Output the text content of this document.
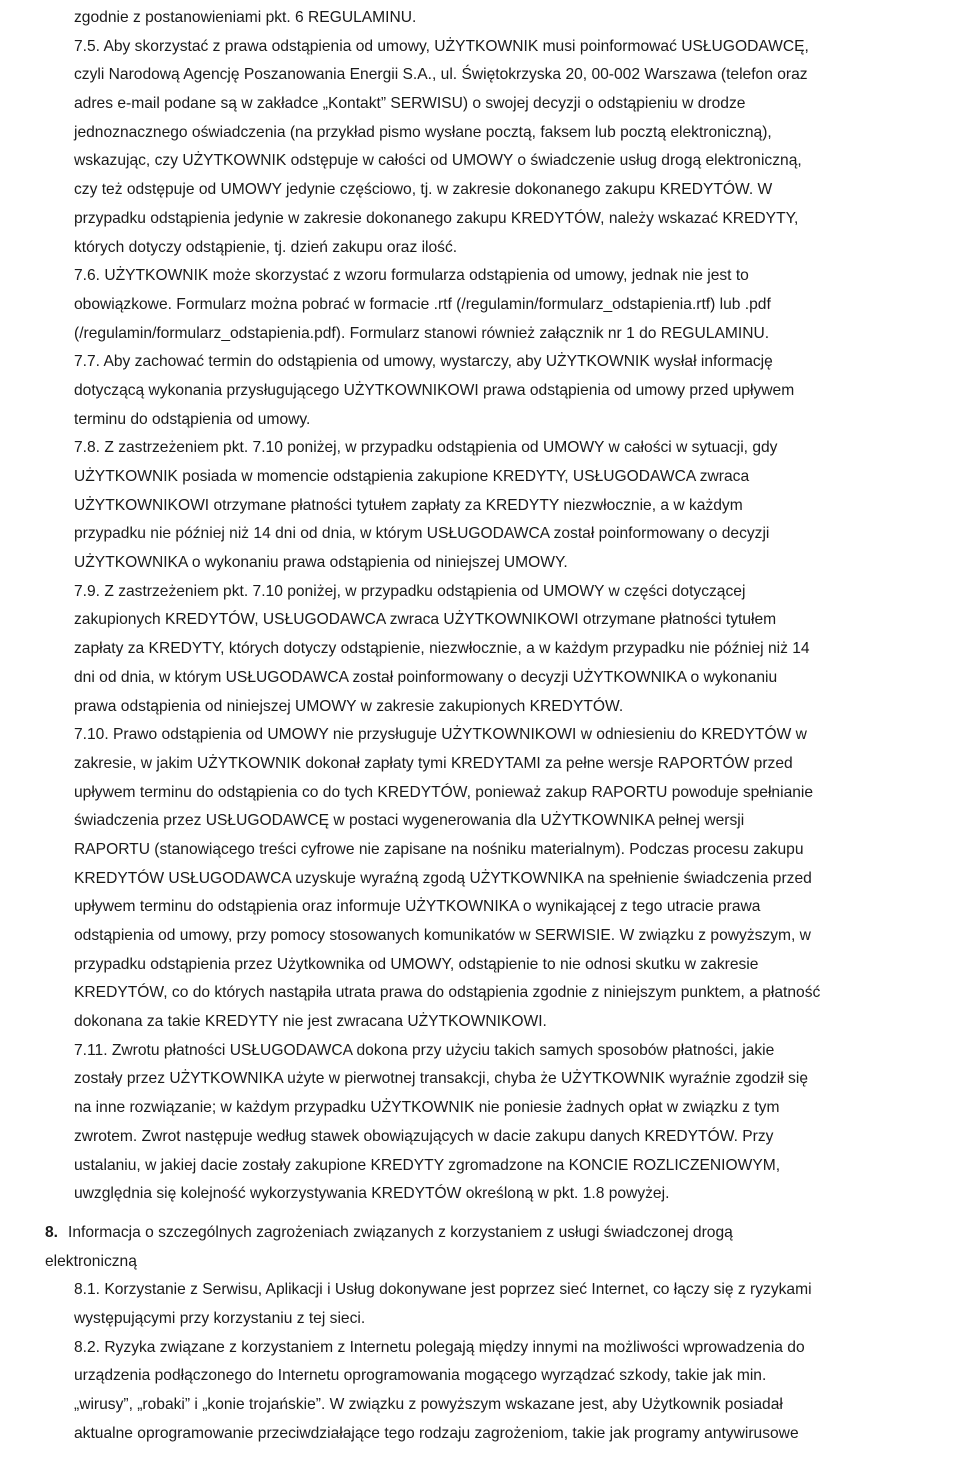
zgodnie z postanowieniami pkt. 6 REGULAMINU.
7.5. Aby skorzystać z prawa odstąpienia od umowy, UŻYTKOWNIK musi poinformować USŁUGODAWCĘ,
czyli Narodową Agencję Poszanowania Energii S.A., ul. Świętokrzyska 20, 00-002 Warszawa (telefon oraz
adres e-mail podane są w zakładce „Kontakt” SERWISU) o swojej decyzji o odstąpieniu w drodze
jednoznacznego oświadczenia (na przykład pismo wysłane pocztą, faksem lub pocztą elektroniczną),
wskazując, czy UŻYTKOWNIK odstępuje w całości od UMOWY o świadczenie usług drogą elektroniczną,
czy też odstępuje od UMOWY jedynie częściowo, tj. w zakresie dokonanego zakupu KREDYTÓW. W
przypadku odstąpienia jedynie w zakresie dokonanego zakupu KREDYTÓW, należy wskazać KREDYTY,
których dotyczy odstąpienie, tj. dzień zakupu oraz ilość.
7.6. UŻYTKOWNIK może skorzystać z wzoru formularza odstąpienia od umowy, jednak nie jest to
obowiązkowe. Formularz można pobrać w formacie .rtf (/regulamin/formularz_odstapienia.rtf) lub .pdf
(/regulamin/formularz_odstapienia.pdf). Formularz stanowi również załącznik nr 1 do REGULAMINU.
7.7. Aby zachować termin do odstąpienia od umowy, wystarczy, aby UŻYTKOWNIK wysłał informację
dotyczącą wykonania przysługującego UŻYTKOWNIKOWI prawa odstąpienia od umowy przed upływem
terminu do odstąpienia od umowy.
7.8. Z zastrzeżeniem pkt. 7.10 poniżej, w przypadku odstąpienia od UMOWY w całości w sytuacji, gdy
UŻYTKOWNIK posiada w momencie odstąpienia zakupione KREDYTY, USŁUGODAWCA zwraca
UŻYTKOWNIKOWI otrzymane płatności tytułem zapłaty za KREDYTY niezwłocznie, a w każdym
przypadku nie później niż 14 dni od dnia, w którym USŁUGODAWCA został poinformowany o decyzji
UŻYTKOWNIKA o wykonaniu prawa odstąpienia od niniejszej UMOWY.
7.9. Z zastrzeżeniem pkt. 7.10 poniżej, w przypadku odstąpienia od UMOWY w części dotyczącej
zakupionych KREDYTÓW, USŁUGODAWCA zwraca UŻYTKOWNIKOWI otrzymane płatności tytułem
zapłaty za KREDYTY, których dotyczy odstąpienie, niezwłocznie, a w każdym przypadku nie później niż 14
dni od dnia, w którym USŁUGODAWCA został poinformowany o decyzji UŻYTKOWNIKA o wykonaniu
prawa odstąpienia od niniejszej UMOWY w zakresie zakupionych KREDYTÓW.
7.10. Prawo odstąpienia od UMOWY nie przysługuje UŻYTKOWNIKOWI w odniesieniu do KREDYTÓW w
zakresie, w jakim UŻYTKOWNIK dokonał zapłaty tymi KREDYTAMI za pełne wersje RAPORTÓW przed
upływem terminu do odstąpienia co do tych KREDYTÓW, ponieważ zakup RAPORTU powoduje spełnianie
świadczenia przez USŁUGODAWCĘ w postaci wygenerowania dla UŻYTKOWNIKA pełnej wersji
RAPORTU (stanowiącego treści cyfrowe nie zapisane na nośniku materialnym). Podczas procesu zakupu
KREDYTÓW USŁUGODAWCA uzyskuje wyraźną zgodą UŻYTKOWNIKA na spełnienie świadczenia przed
upływem terminu do odstąpienia oraz informuje UŻYTKOWNIKA o wynikającej z tego utracie prawa
odstąpienia od umowy, przy pomocy stosowanych komunikatów w SERWISIE. W związku z powyższym, w
przypadku odstąpienia przez Użytkownika od UMOWY, odstąpienie to nie odnosi skutku w zakresie
KREDYTÓW, co do których nastąpiła utrata prawa do odstąpienia zgodnie z niniejszym punktem, a płatność
dokonana za takie KREDYTY nie jest zwracana UŻYTKOWNIKOWI.
7.11. Zwrotu płatności USŁUGODAWCA dokona przy użyciu takich samych sposobów płatności, jakie
zostały przez UŻYTKOWNIKA użyte w pierwotnej transakcji, chyba że UŻYTKOWNIK wyraźnie zgodził się
na inne rozwiązanie; w każdym przypadku UŻYTKOWNIK nie poniesie żadnych opłat w związku z tym
zwrotem. Zwrot następuje według stawek obowiązujących w dacie zakupu danych KREDYTÓW. Przy
ustalaniu, w jakiej dacie zostały zakupione KREDYTY zgromadzone na KONCIE ROZLICZENIOWYM,
uwzględnia się kolejność wykorzystywania KREDYTÓW określoną w pkt. 1.8 powyżej.
8. Informacja o szczególnych zagrożeniach związanych z korzystaniem z usługi świadczonej drogą
elektroniczną
8.1. Korzystanie z Serwisu, Aplikacji i Usług dokonywane jest poprzez sieć Internet, co łączy się z ryzykami
występującymi przy korzystaniu z tej sieci.
8.2. Ryzyka związane z korzystaniem z Internetu polegają między innymi na możliwości wprowadzenia do
urządzenia podłączonego do Internetu oprogramowania mogącego wyrządzać szkody, takie jak min.
„wirusy”, „robaki” i „konie trojańskie”. W związku z powyższym wskazane jest, aby Użytkownik posiadał
aktualne oprogramowanie przeciwdziałające tego rodzaju zagrożeniom, takie jak programy antywirusowe
